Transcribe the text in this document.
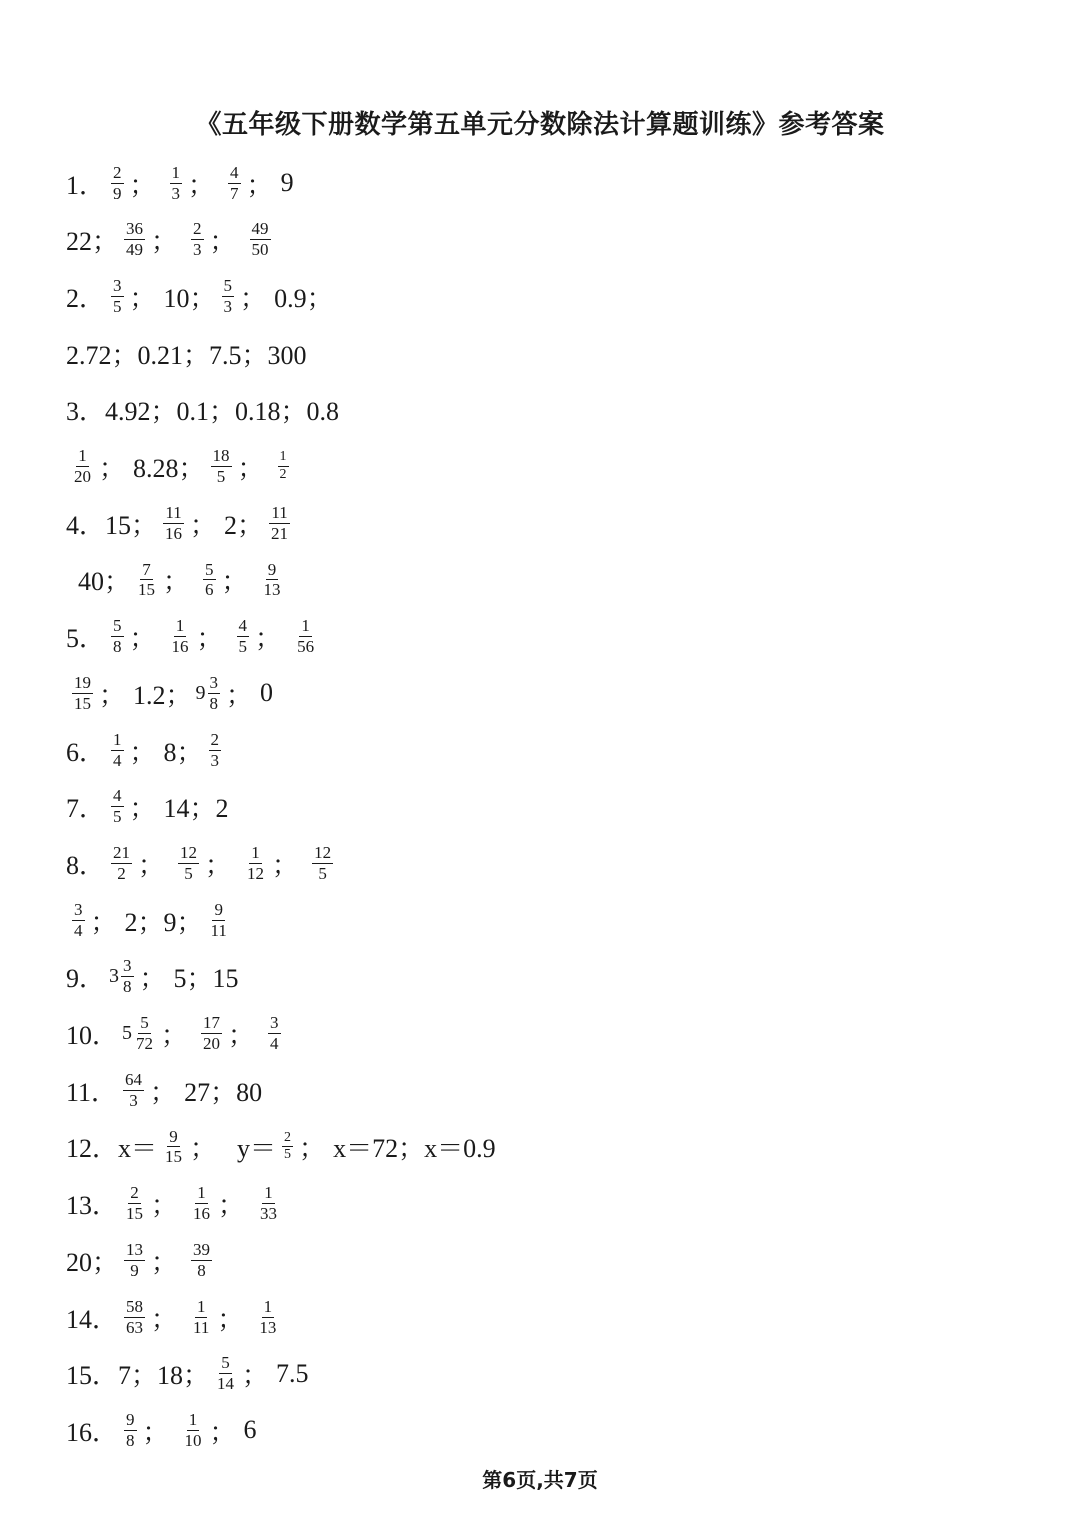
《五年级下册数学第五单元分数除法计算题训练》参考答案
1． $\frac{2}{9}$ ； $\frac{1}{3}$ ； $\frac{4}{7}$ ； 9
22； $\frac{36}{49}$ ； $\frac{2}{3}$ ； $\frac{49}{50}$
2． $\frac{3}{5}$ ； 10； $\frac{5}{3}$ ； 0.9；
2.72；0.21；7.5；300
3．4.92；0.1；0.18；0.8
$\frac{1}{20}$ ； 8.28； $\frac{18}{5}$ ； $\frac{1}{2}$
4．15； $\frac{11}{16}$ ； 2； $\frac{11}{21}$
40； $\frac{7}{15}$ ； $\frac{5}{6}$ ； $\frac{9}{13}$
5． $\frac{5}{8}$ ； $\frac{1}{16}$ ； $\frac{4}{5}$ ； $\frac{1}{56}$
$\frac{19}{15}$ ； 1.2； $9 \frac{3}{8}$ ； 0
6． $\frac{1}{4}$ ； 8； $\frac{2}{3}$
7． $\frac{4}{5}$ ； 14；2
8． $\frac{21}{2}$ ； $\frac{12}{5}$ ； $\frac{1}{12}$ ； $\frac{12}{5}$
$\frac{3}{4}$ ； 2；9； $\frac{9}{11}$
9． $3 \frac{3}{8}$ ； 5；15
10． $5 \frac{5}{72}$ ； $\frac{17}{20}$ ； $\frac{3}{4}$
11． $\frac{64}{3}$ ； 27；80
12．$x= \frac{9}{15}$ ； $y= \frac{2}{5}$ ； x＝72；x＝0.9
13． $\frac{2}{15}$ ； $\frac{1}{16}$ ； $\frac{1}{33}$
20； $\frac{13}{9}$ ； $\frac{39}{8}$
14． $\frac{58}{63}$ ； $\frac{1}{11}$ ； $\frac{1}{13}$
15．7；18； $\frac{5}{14}$ ； 7.5
16． $\frac{9}{8}$ ； $\frac{1}{10}$ ； 6
第6页,共7页
